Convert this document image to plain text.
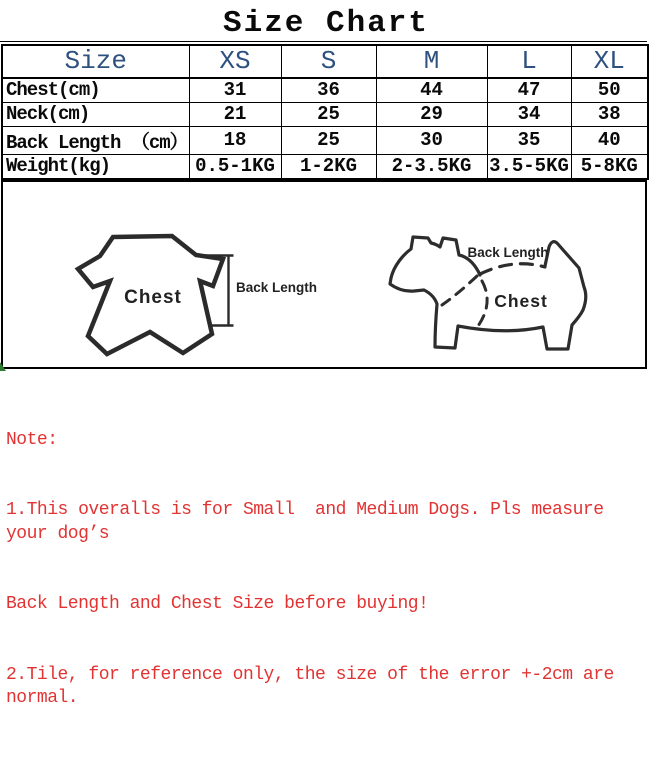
Size Chart
Size	XS	S	M	L	XL
Chest(cm)	31	36	44	47	50
Neck(cm)	21	25	29	34	38
Back Length （cm）	18	25	30	35	40
Weight(kg)	0.5-1KG	1-2KG	2-3.5KG	3.5-5KG	5-8KG
Chest	Back Length
Back Length
Chest

Note:

1.This overalls is for Small  and Medium Dogs. Pls measure your dog’s

Back Length and Chest Size before buying!

2.Tile, for reference only, the size of the error +-2cm are normal.
